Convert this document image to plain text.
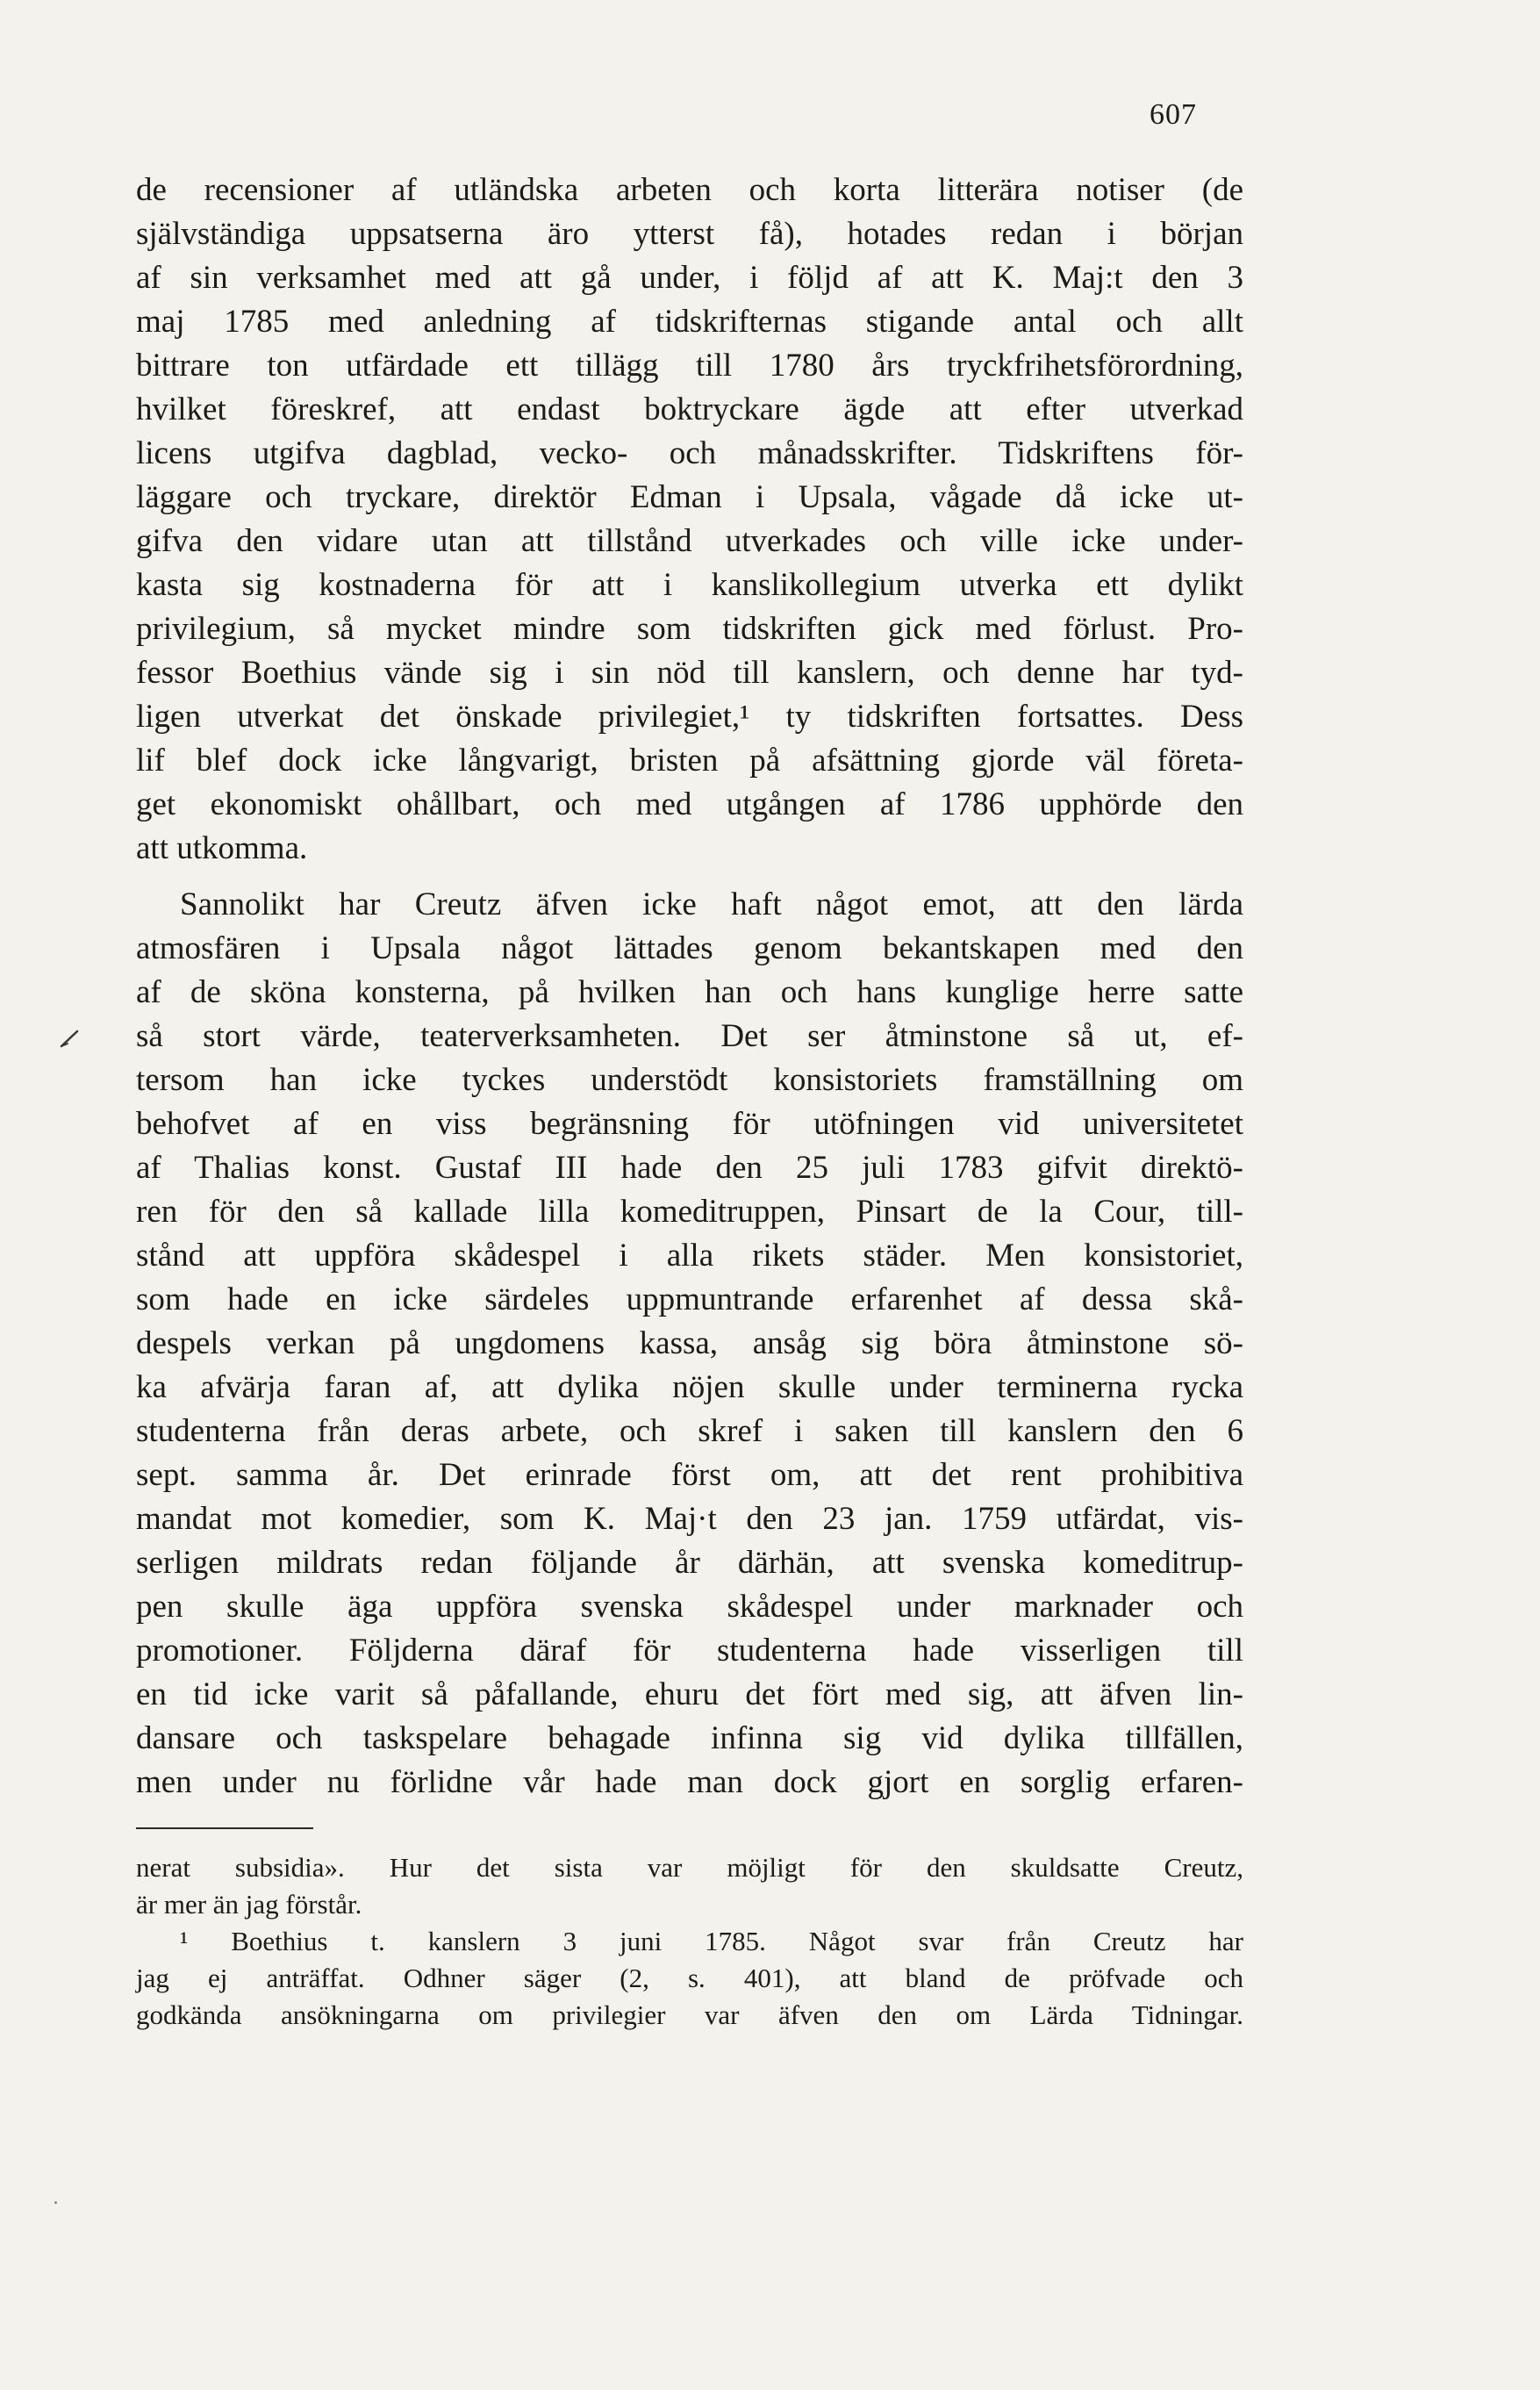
607
de recensioner af utländska arbeten och korta litterära notiser (de
självständiga uppsatserna äro ytterst få), hotades redan i början
af sin verksamhet med att gå under, i följd af att K. Maj:t den 3
maj 1785 med anledning af tidskrifternas stigande antal och allt
bittrare ton utfärdade ett tillägg till 1780 års tryckfrihetsförordning,
hvilket föreskref, att endast boktryckare ägde att efter utverkad
licens utgifva dagblad, vecko- och månadsskrifter. Tidskriftens för-
läggare och tryckare, direktör Edman i Upsala, vågade då icke ut-
gifva den vidare utan att tillstånd utverkades och ville icke under-
kasta sig kostnaderna för att i kanslikollegium utverka ett dylikt
privilegium, så mycket mindre som tidskriften gick med förlust. Pro-
fessor Boethius vände sig i sin nöd till kanslern, och denne har tyd-
ligen utverkat det önskade privilegiet,¹ ty tidskriften fortsattes. Dess
lif blef dock icke långvarigt, bristen på afsättning gjorde väl företa-
get ekonomiskt ohållbart, och med utgången af 1786 upphörde den
att utkomma.
Sannolikt har Creutz äfven icke haft något emot, att den lärda
atmosfären i Upsala något lättades genom bekantskapen med den
af de sköna konsterna, på hvilken han och hans kunglige herre satte
så stort värde, teaterverksamheten. Det ser åtminstone så ut, ef-
tersom han icke tyckes understödt konsistoriets framställning om
behofvet af en viss begränsning för utöfningen vid universitetet
af Thalias konst. Gustaf III hade den 25 juli 1783 gifvit direktö-
ren för den så kallade lilla komeditruppen, Pinsart de la Cour, till-
stånd att uppföra skådespel i alla rikets städer. Men konsistoriet,
som hade en icke särdeles uppmuntrande erfarenhet af dessa skå-
despels verkan på ungdomens kassa, ansåg sig böra åtminstone sö-
ka afvärja faran af, att dylika nöjen skulle under terminerna rycka
studenterna från deras arbete, och skref i saken till kanslern den 6
sept. samma år. Det erinrade först om, att det rent prohibitiva
mandat mot komedier, som K. Maj·t den 23 jan. 1759 utfärdat, vis-
serligen mildrats redan följande år därhän, att svenska komeditrup-
pen skulle äga uppföra svenska skådespel under marknader och
promotioner. Följderna däraf för studenterna hade visserligen till
en tid icke varit så påfallande, ehuru det fört med sig, att äfven lin-
dansare och taskspelare behagade infinna sig vid dylika tillfällen,
men under nu förlidne vår hade man dock gjort en sorglig erfaren-
nerat subsidia». Hur det sista var möjligt för den skuldsatte Creutz,
är mer än jag förstår.
¹ Boethius t. kanslern 3 juni 1785. Något svar från Creutz har
jag ej anträffat. Odhner säger (2, s. 401), att bland de pröfvade och
godkända ansökningarna om privilegier var äfven den om Lärda Tidningar.
